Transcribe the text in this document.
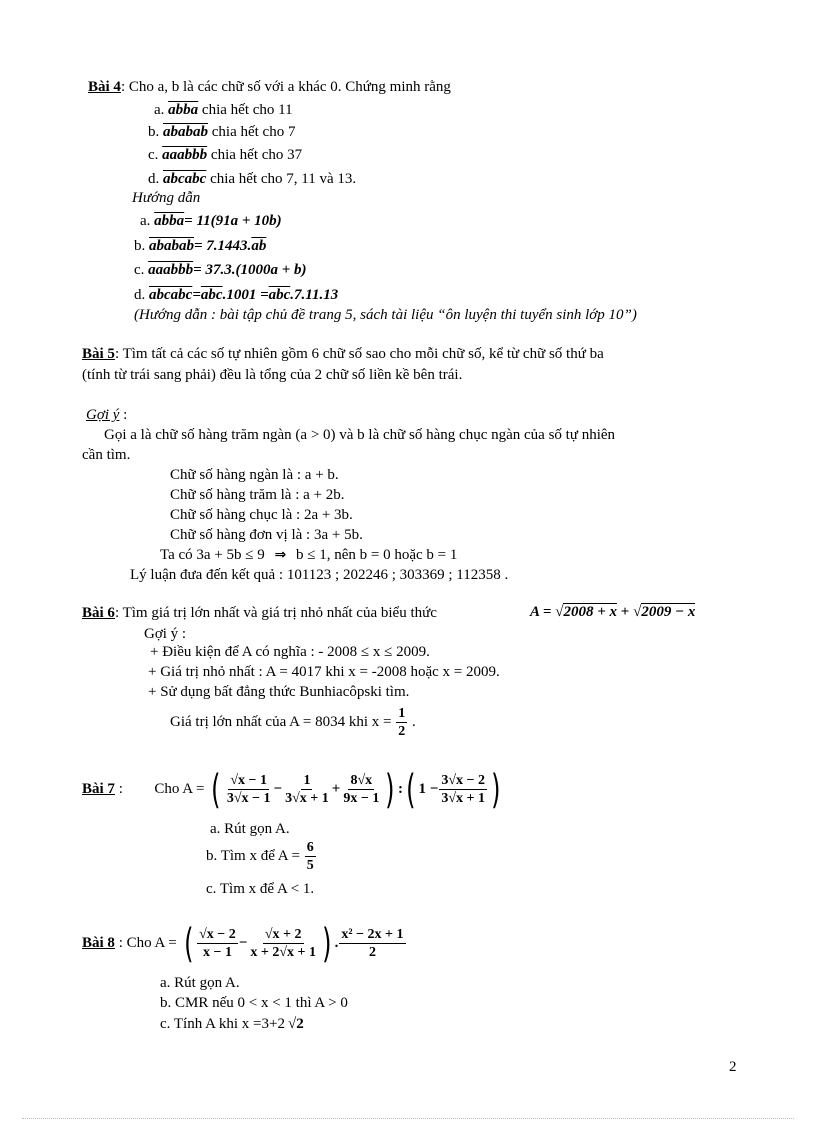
Bài 4: Cho a, b là các chữ số với a khác 0. Chứng minh rằng
a. abba chia hết cho 11
b. ababab chia hết cho 7
c. aaabbb chia hết cho 37
d. abcabc chia hết cho 7, 11 và 13.
Hướng dẫn
a. abba= 11(91a + 10b)
b. ababab= $7.1443.\overline{ab}$
c. aaabbb= 37.3.(1000a + b)
d. $abcabc=\overline{abc}.1001 =\overline{abc}.7.11.13$
(Hướng dẫn : bài tập chủ đề trang 5, sách tài liệu “ôn luyện thi tuyển sinh lớp 10”)
Bài 5: Tìm tất cả các số tự nhiên gồm 6 chữ số sao cho mỗi chữ số, kể từ chữ số thứ ba
(tính từ trái sang phải) đều là tổng của 2 chữ số liền kề bên trái.
Gợi ý :
Gọi a là chữ số hàng trăm ngàn (a > 0) và b là chữ số hàng chục ngàn của số tự nhiên
cần tìm.
Chữ số hàng ngàn là : a + b.
Chữ số hàng trăm là : a + 2b.
Chữ số hàng chục là : 2a + 3b.
Chữ số hàng đơn vị là : 3a + 5b.
Ta có 3a + 5b ≤ 9 ⇒ b ≤ 1, nên b = 0 hoặc b = 1
Lý luận đưa đến kết quả : 101123 ; 202246 ; 303369 ; 112358 .
Bài 6: Tìm giá trị lớn nhất và giá trị nhỏ nhất của biểu thức	A = √2008 + x + √2009 − x
Gợi ý :
+ Điều kiện để A có nghĩa : - 2008 ≤ x ≤ 2009.
+ Giá trị nhỏ nhất : A = 4017 khi x = -2008 hoặc x = 2009.
+ Sử dụng bất đẳng thức Bunhiacôpski tìm.
Giá trị lớn nhất của A = 8034 khi $x = \frac{1}{2}$ .
Bài 7 : Cho A = ( $\frac{√x - 1}{3√x - 1} - \frac{1}{3√x + 1} + \frac{8√x}{9x - 1}$ ) :( $1 - \frac{3√x - 2}{3√x + 1}$ )
a. Rút gọn A.
b. Tìm x để $A = \frac{6}{5}$
c. Tìm x để A < 1.
Bài 8 : Cho A = ( $\frac{√x - 2}{x - 1} - \frac{√x + 2}{x + 2√x + 1}$ ) . $\frac{\text{x² − 2x + 1}}{2}$
a. Rút gọn A.
b. CMR nếu 0 < x < 1 thì A > 0
c. Tính A khi x =3+2 √2
2
